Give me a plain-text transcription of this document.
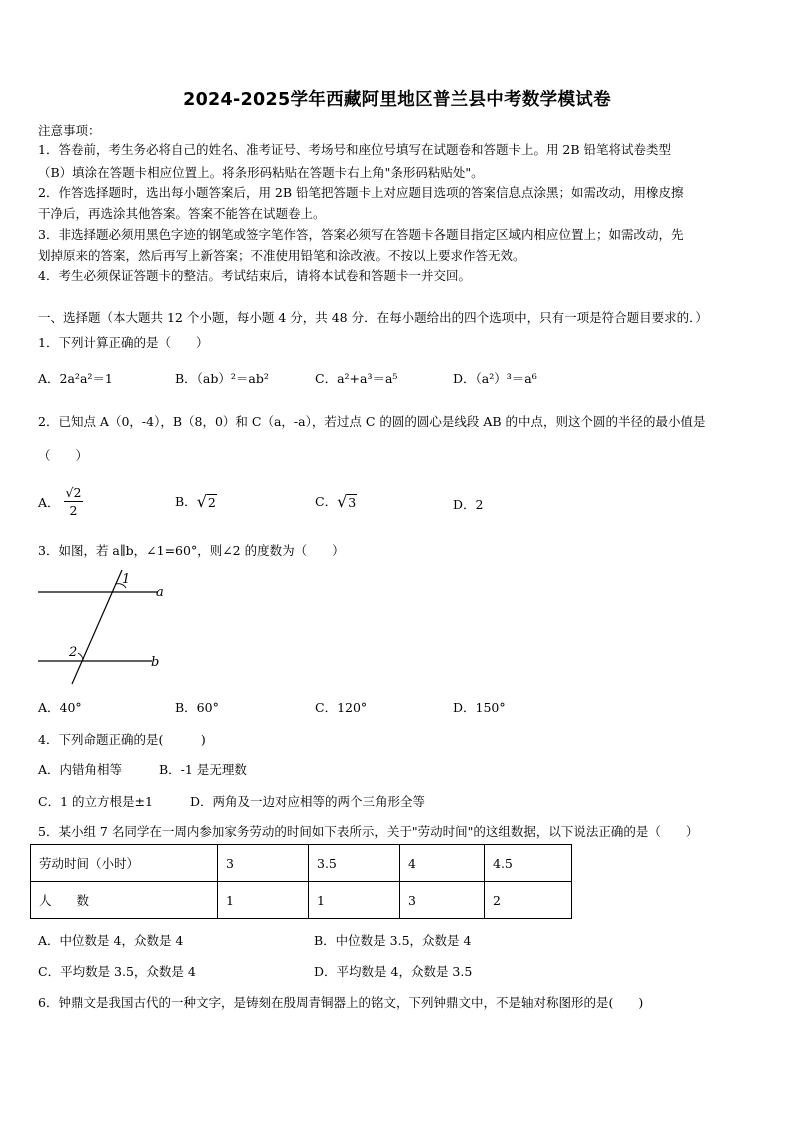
2024-2025学年西藏阿里地区普兰县中考数学模试卷
注意事项：
1．答卷前，考生务必将自己的姓名、准考证号、考场号和座位号填写在试题卷和答题卡上。用 2B 铅笔将试卷类型
（B）填涂在答题卡相应位置上。将条形码粘贴在答题卡右上角"条形码粘贴处"。
2．作答选择题时，选出每小题答案后，用 2B 铅笔把答题卡上对应题目选项的答案信息点涂黑；如需改动，用橡皮擦
干净后，再选涂其他答案。答案不能答在试题卷上。
3．非选择题必须用黑色字迹的钢笔或签字笔作答，答案必须写在答题卡各题目指定区域内相应位置上；如需改动，先
划掉原来的答案，然后再写上新答案；不准使用铅笔和涂改液。不按以上要求作答无效。
4．考生必须保证答题卡的整洁。考试结束后，请将本试卷和答题卡一并交回。
一、选择题（本大题共 12 个小题，每小题 4 分，共 48 分．在每小题给出的四个选项中，只有一项是符合题目要求的．）
1．下列计算正确的是（　　）
A．2a²a²＝1	B．（ab）²＝ab²	C．a²+a³＝a⁵	D．（a²）³＝a⁶
2．已知点 A（0，-4），B（8，0）和 C（a，-a），若过点 C 的圆的圆心是线段 AB 的中点，则这个圆的半径的最小值是
（　　）
A． $\frac{√2}{2}$	B． √ 2	C． √ 3	D．2
3．如图，若 a∥b，∠1=60°，则∠2 的度数为（　　）
1
2
a
b
A．40°	B．60°	C．120°	D．150°
4．下列命题正确的是(　　　)
A．内错角相等	B．-1 是无理数
C．1 的立方根是±1	D．两角及一边对应相等的两个三角形全等
5．某小组 7 名同学在一周内参加家务劳动的时间如下表所示，关于"劳动时间"的这组数据，以下说法正确的是（　　）
劳动时间（小时）	3	3.5	4	4.5
人　　数	1	1	3	2
A．中位数是 4，众数是 4	B．中位数是 3.5，众数是 4
C．平均数是 3.5，众数是 4	D．平均数是 4，众数是 3.5
6．钟鼎文是我国古代的一种文字，是铸刻在殷周青铜器上的铭文，下列钟鼎文中，不是轴对称图形的是(　　)
